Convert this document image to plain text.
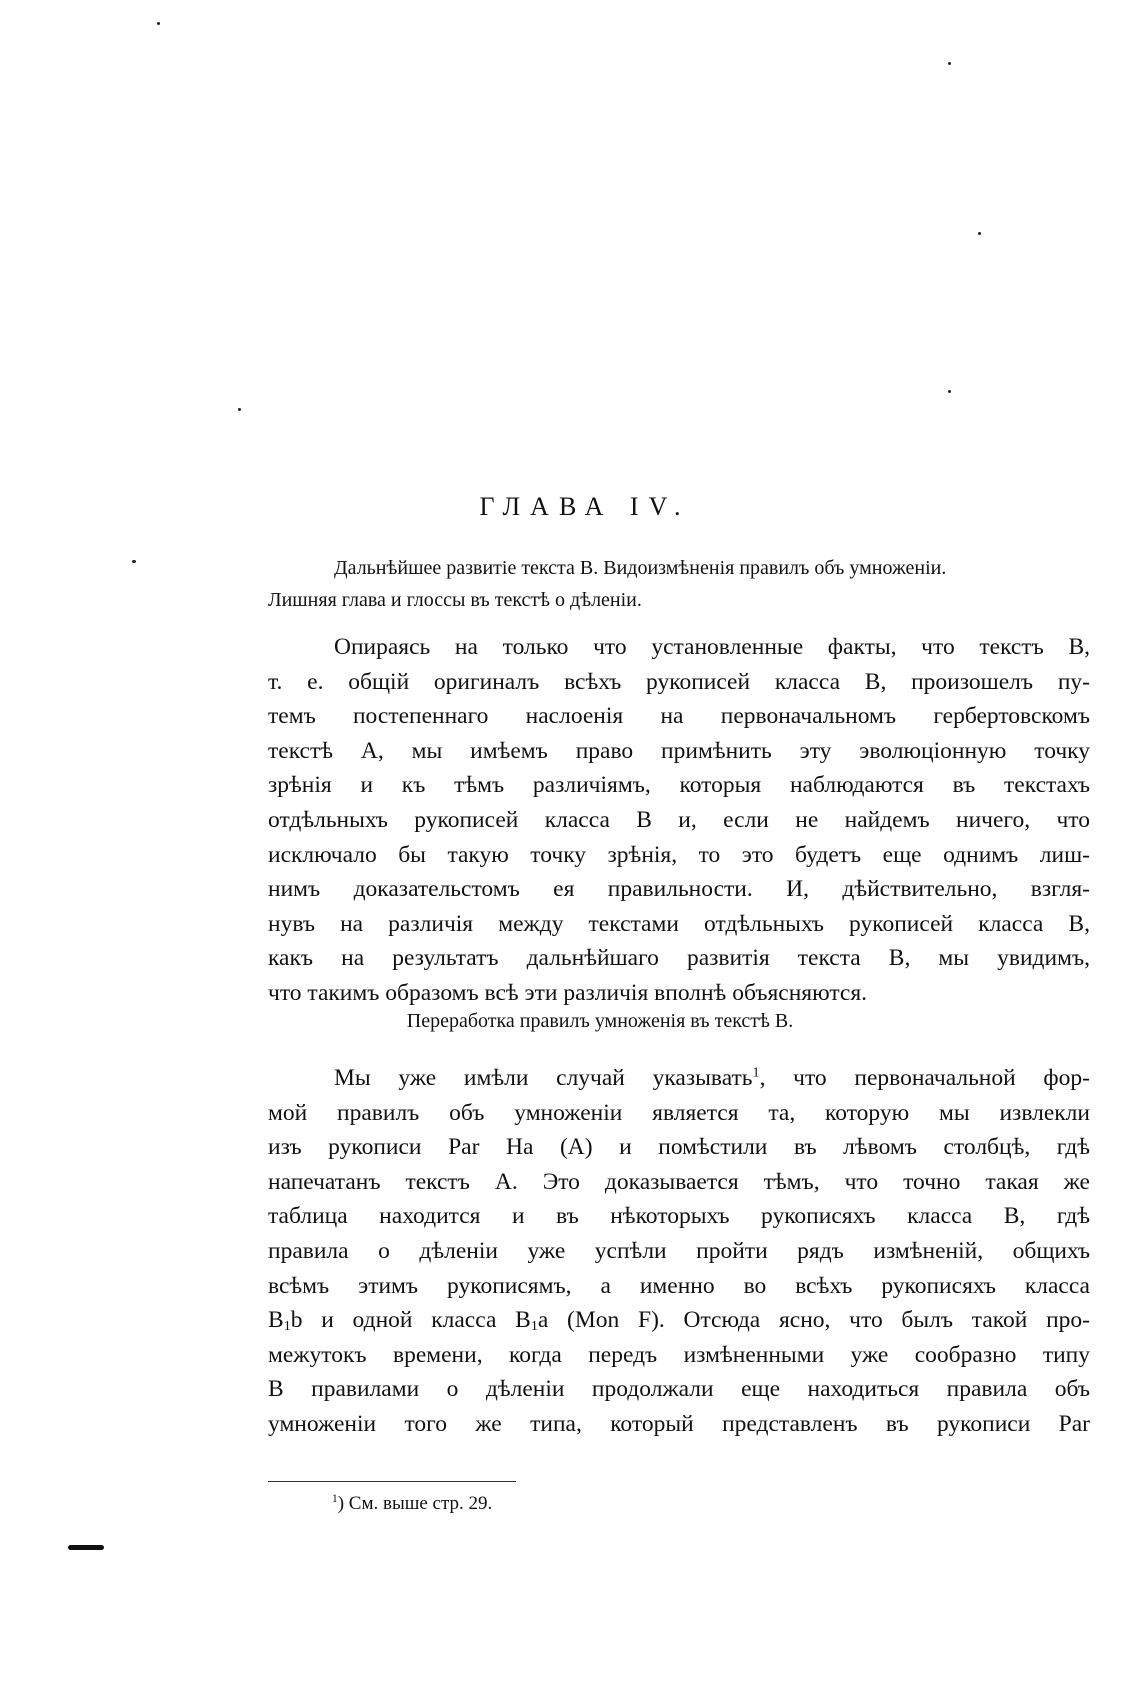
ГЛАВА IV.
Дальнѣйшее развитіе текста В. Видоизмѣненія правилъ объ умноженіи.
Лишняя глава и глоссы въ текстѣ о дѣленіи.
Опираясь на только что установленные факты, что текстъ В,
т. е. общій оригиналъ всѣхъ рукописей класса В, произошелъ пу-
темъ постепеннаго наслоенія на первоначальномъ гербертовскомъ
текстѣ А, мы имѣемъ право примѣнить эту эволюціонную точку
зрѣнія и къ тѣмъ различіямъ, которыя наблюдаются въ текстахъ
отдѣльныхъ рукописей класса В и, если не найдемъ ничего, что
исключало бы такую точку зрѣнія, то это будетъ еще однимъ лиш-
нимъ доказательстомъ ея правильности. И, дѣйствительно, взгля-
нувъ на различія между текстами отдѣльныхъ рукописей класса В,
какъ на результатъ дальнѣйшаго развитія текста В, мы увидимъ,
что такимъ образомъ всѣ эти различія вполнѣ объясняются.
Переработка правилъ умноженія въ текстѣ В.
Мы уже имѣли случай указывать$^1$, что первоначальной фор-
мой правилъ объ умноженіи является та, которую мы извлекли
изъ рукописи Par Ha (A) и помѣстили въ лѣвомъ столбцѣ, гдѣ
напечатанъ текстъ А. Это доказывается тѣмъ, что точно такая же
таблица находится и въ нѣкоторыхъ рукописяхъ класса В, гдѣ
правила о дѣленіи уже успѣли пройти рядъ измѣненій, общихъ
всѣмъ этимъ рукописямъ, а именно во всѣхъ рукописяхъ класса
$B_1b$ и одной класса $B_1a$ (Mon F). Отсюда ясно, что былъ такой про-
межутокъ времени, когда передъ измѣненными уже сообразно типу
В правилами о дѣленіи продолжали еще находиться правила объ
умноженіи того же типа, который представленъ въ рукописи Par
$^1$) См. выше стр. 29.
